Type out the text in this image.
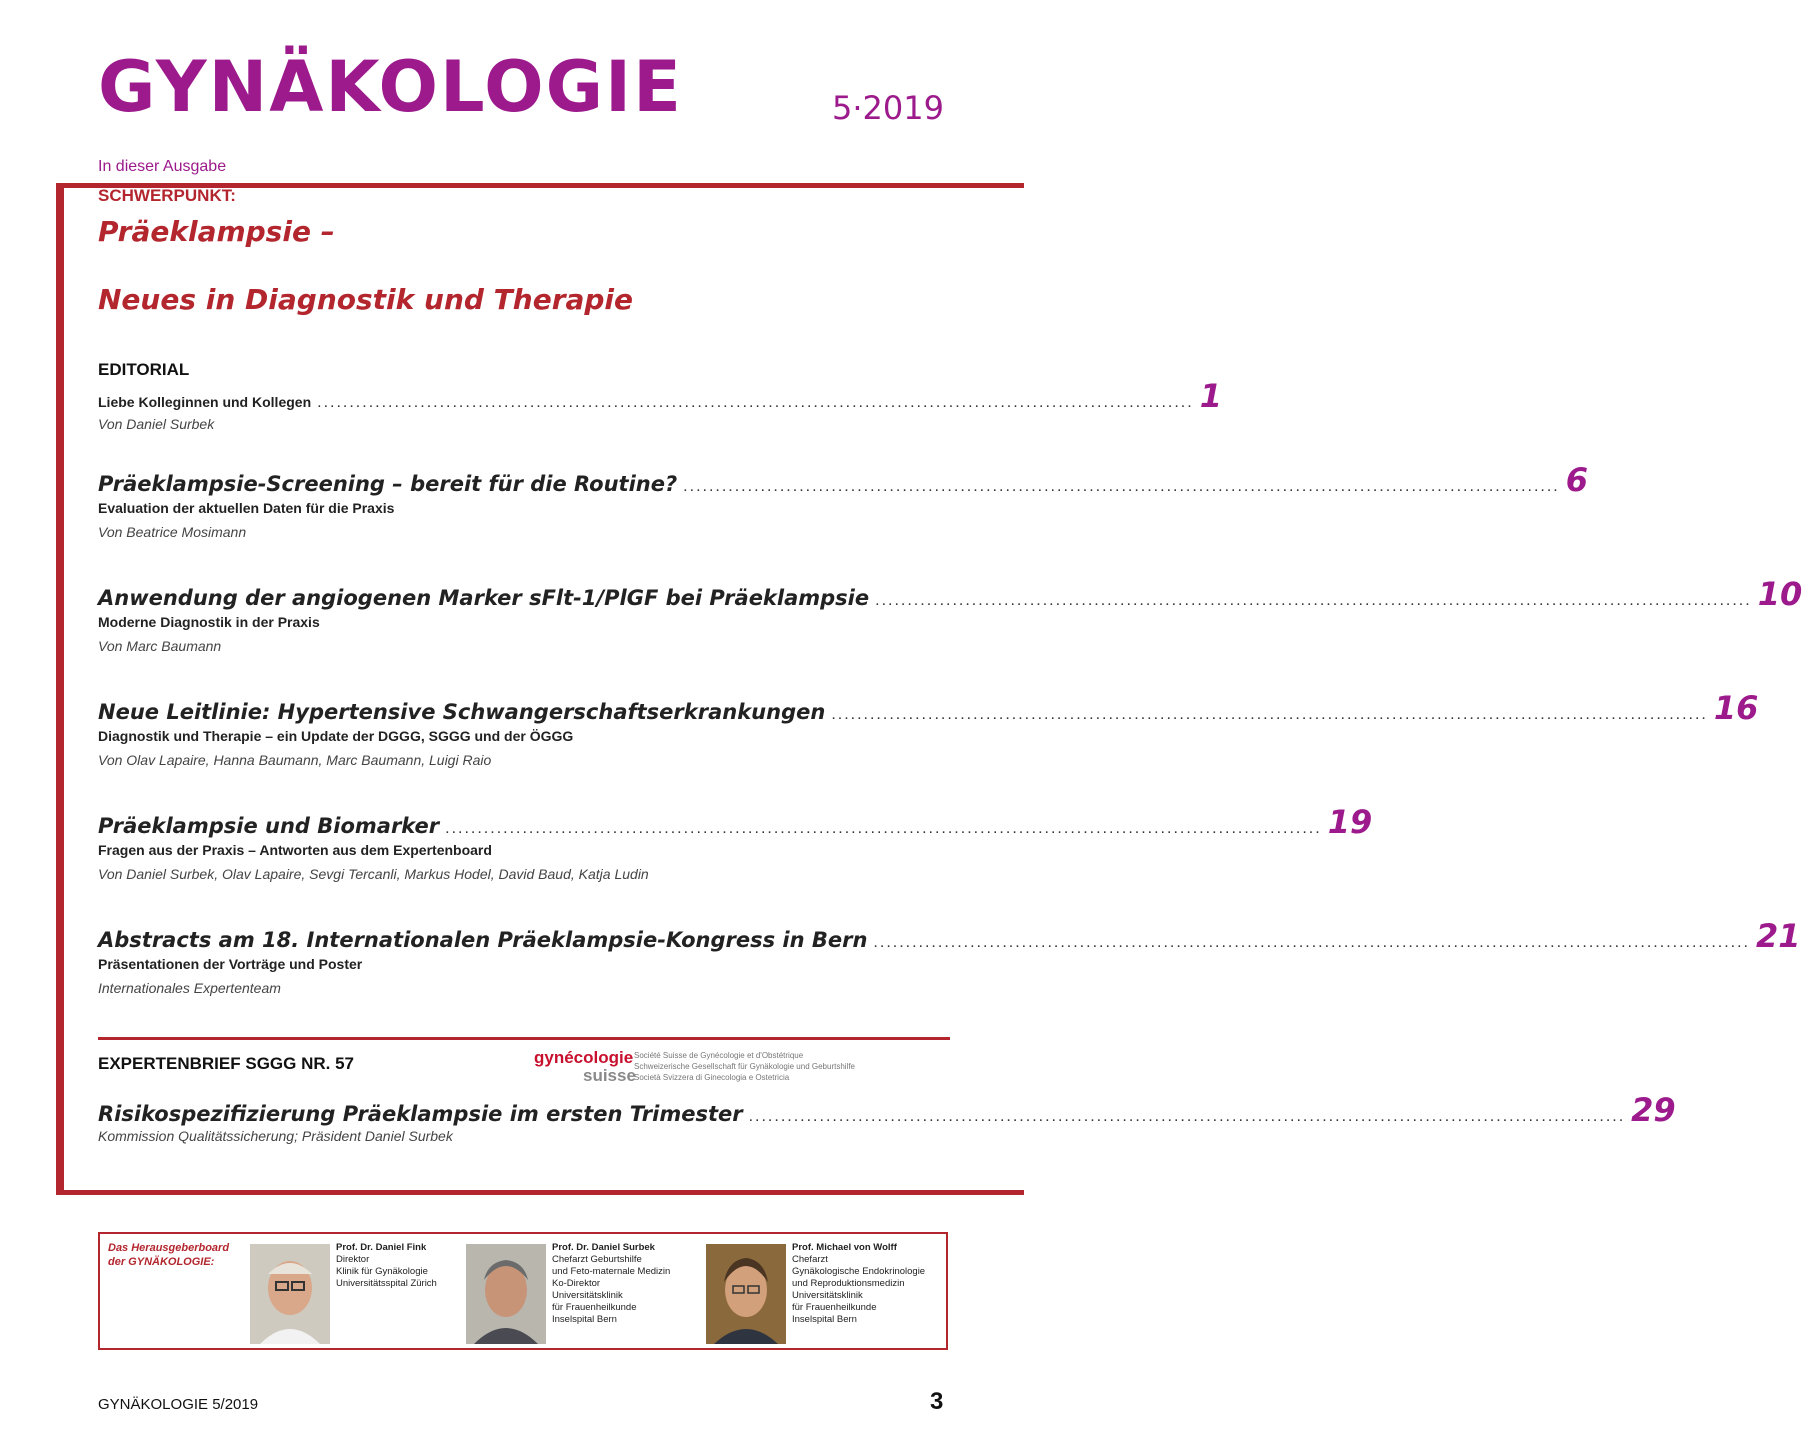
GYNÄKOLOGIE	5·2019
In dieser Ausgabe
SCHWERPUNKT:
Präeklampsie –
Neues in Diagnostik und Therapie
EDITORIAL
Liebe Kolleginnen und Kollegen ........................................................................................................................................ 1
Von Daniel Surbek
Präeklampsie-Screening – bereit für die Routine? ........................................................................................................................................ 6
Evaluation der aktuellen Daten für die Praxis
Von Beatrice Mosimann
Anwendung der angiogenen Marker sFlt-1/PlGF bei Präeklampsie ........................................................................................................................................ 10
Moderne Diagnostik in der Praxis
Von Marc Baumann
Neue Leitlinie: Hypertensive Schwangerschaftserkrankungen ........................................................................................................................................ 16
Diagnostik und Therapie – ein Update der DGGG, SGGG und der ÖGGG
Von Olav Lapaire, Hanna Baumann, Marc Baumann, Luigi Raio
Präeklampsie und Biomarker ........................................................................................................................................ 19
Fragen aus der Praxis – Antworten aus dem Expertenboard
Von Daniel Surbek, Olav Lapaire, Sevgi Tercanli, Markus Hodel, David Baud, Katja Ludin
Abstracts am 18. Internationalen Präeklampsie-Kongress in Bern ........................................................................................................................................ 21
Präsentationen der Vorträge und Poster
Internationales Expertenteam
EXPERTENBRIEF SGGG NR. 57	gynécologie
suisse
Société Suisse de Gynécologie et d'Obstétrique
Schweizerische Gesellschaft für Gynäkologie und Geburtshilfe
Società Svizzera di Ginecologia e Ostetricia
Risikospezifizierung Präeklampsie im ersten Trimester ........................................................................................................................................ 29
Kommission Qualitätssicherung; Präsident Daniel Surbek
Das Herausgeberboard der GYNÄKOLOGIE:
Prof. Dr. Daniel Fink
Direktor
Klinik für Gynäkologie
Universitätsspital Zürich
Prof. Dr. Daniel Surbek
Chefarzt Geburtshilfe
und Feto-maternale Medizin
Ko-Direktor
Universitätsklinik
für Frauenheilkunde
Inselspital Bern
Prof. Michael von Wolff
Chefarzt
Gynäkologische Endokrinologie
und Reproduktionsmedizin
Universitätsklinik
für Frauenheilkunde
Inselspital Bern
GYNÄKOLOGIE 5/2019	3
